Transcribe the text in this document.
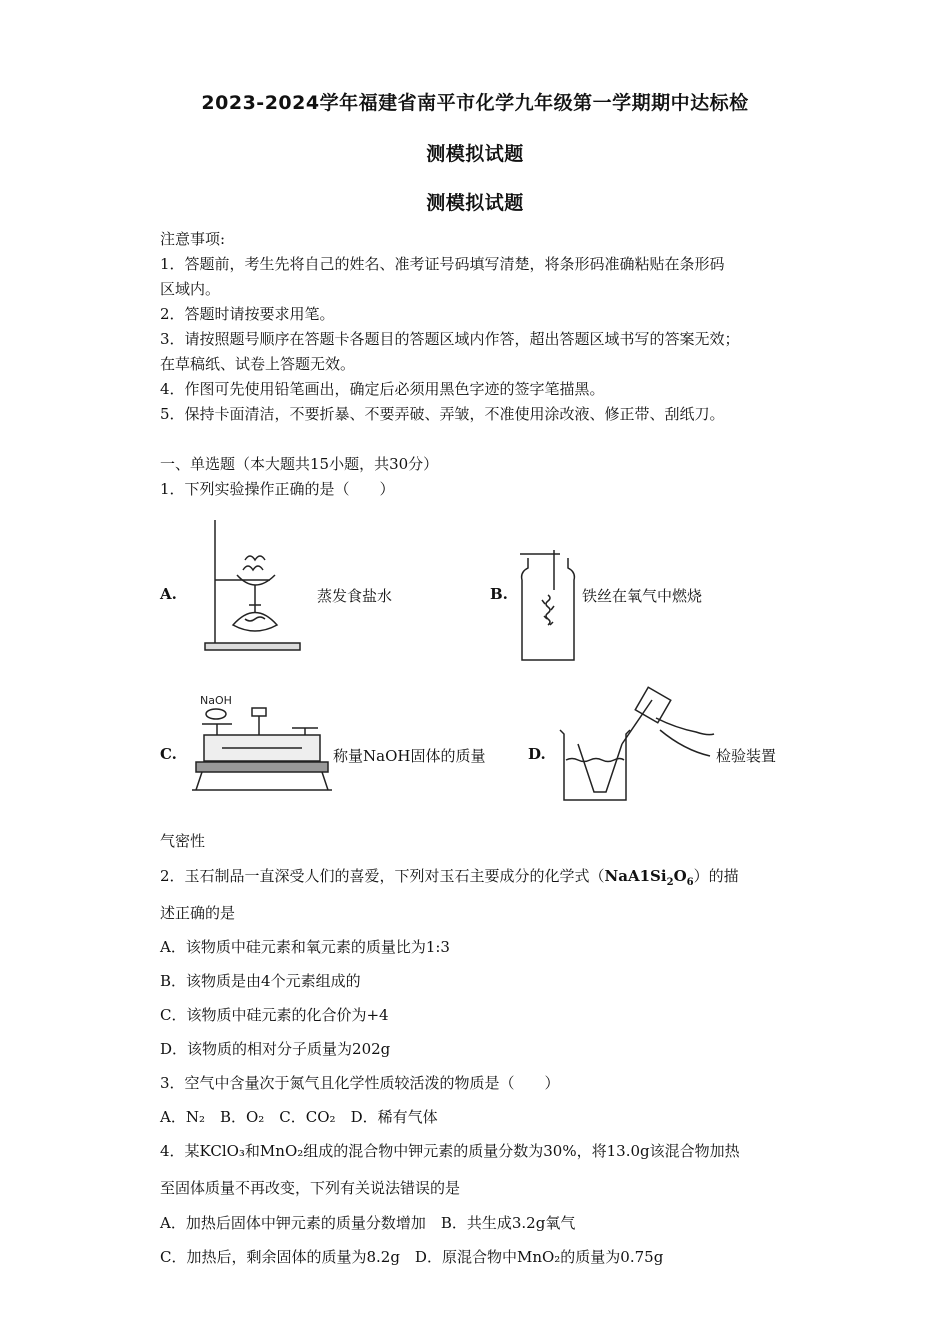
2023-2024学年福建省南平市化学九年级第一学期期中达标检
测模拟试题
测模拟试题
注意事项:
1．答题前，考生先将自己的姓名、准考证号码填写清楚，将条形码准确粘贴在条形码
区域内。
2．答题时请按要求用笔。
3．请按照题号顺序在答题卡各题目的答题区域内作答，超出答题区域书写的答案无效；
在草稿纸、试卷上答题无效。
4．作图可先使用铅笔画出，确定后必须用黑色字迹的签字笔描黑。
5．保持卡面清洁，不要折暴、不要弄破、弄皱，不准使用涂改液、修正带、刮纸刀。
一、单选题（本大题共15小题，共30分）
1．下列实验操作正确的是（　　）
A.	蒸发食盐水	B.	铁丝在氧气中燃烧
C.
NaOH
称量NaOH固体的质量	D.	检验装置
气密性
2．玉石制品一直深受人们的喜爱，下列对玉石主要成分的化学式$(NaA1Si_2O_6)$的描
述正确的是
A．该物质中硅元素和氧元素的质量比为1:3
B．该物质是由4个元素组成的
C．该物质中硅元素的化合价为+4
D．该物质的相对分子质量为202g
3．空气中含量次于氮气且化学性质较活泼的物质是（　　）
A．N₂　B．O₂　C．CO₂　D．稀有气体
4．某KClO₃和MnO₂组成的混合物中钾元素的质量分数为30%，将13.0g该混合物加热
至固体质量不再改变，下列有关说法错误的是
A．加热后固体中钾元素的质量分数增加　B．共生成3.2g氧气
C．加热后，剩余固体的质量为8.2g　D．原混合物中MnO₂的质量为0.75g
